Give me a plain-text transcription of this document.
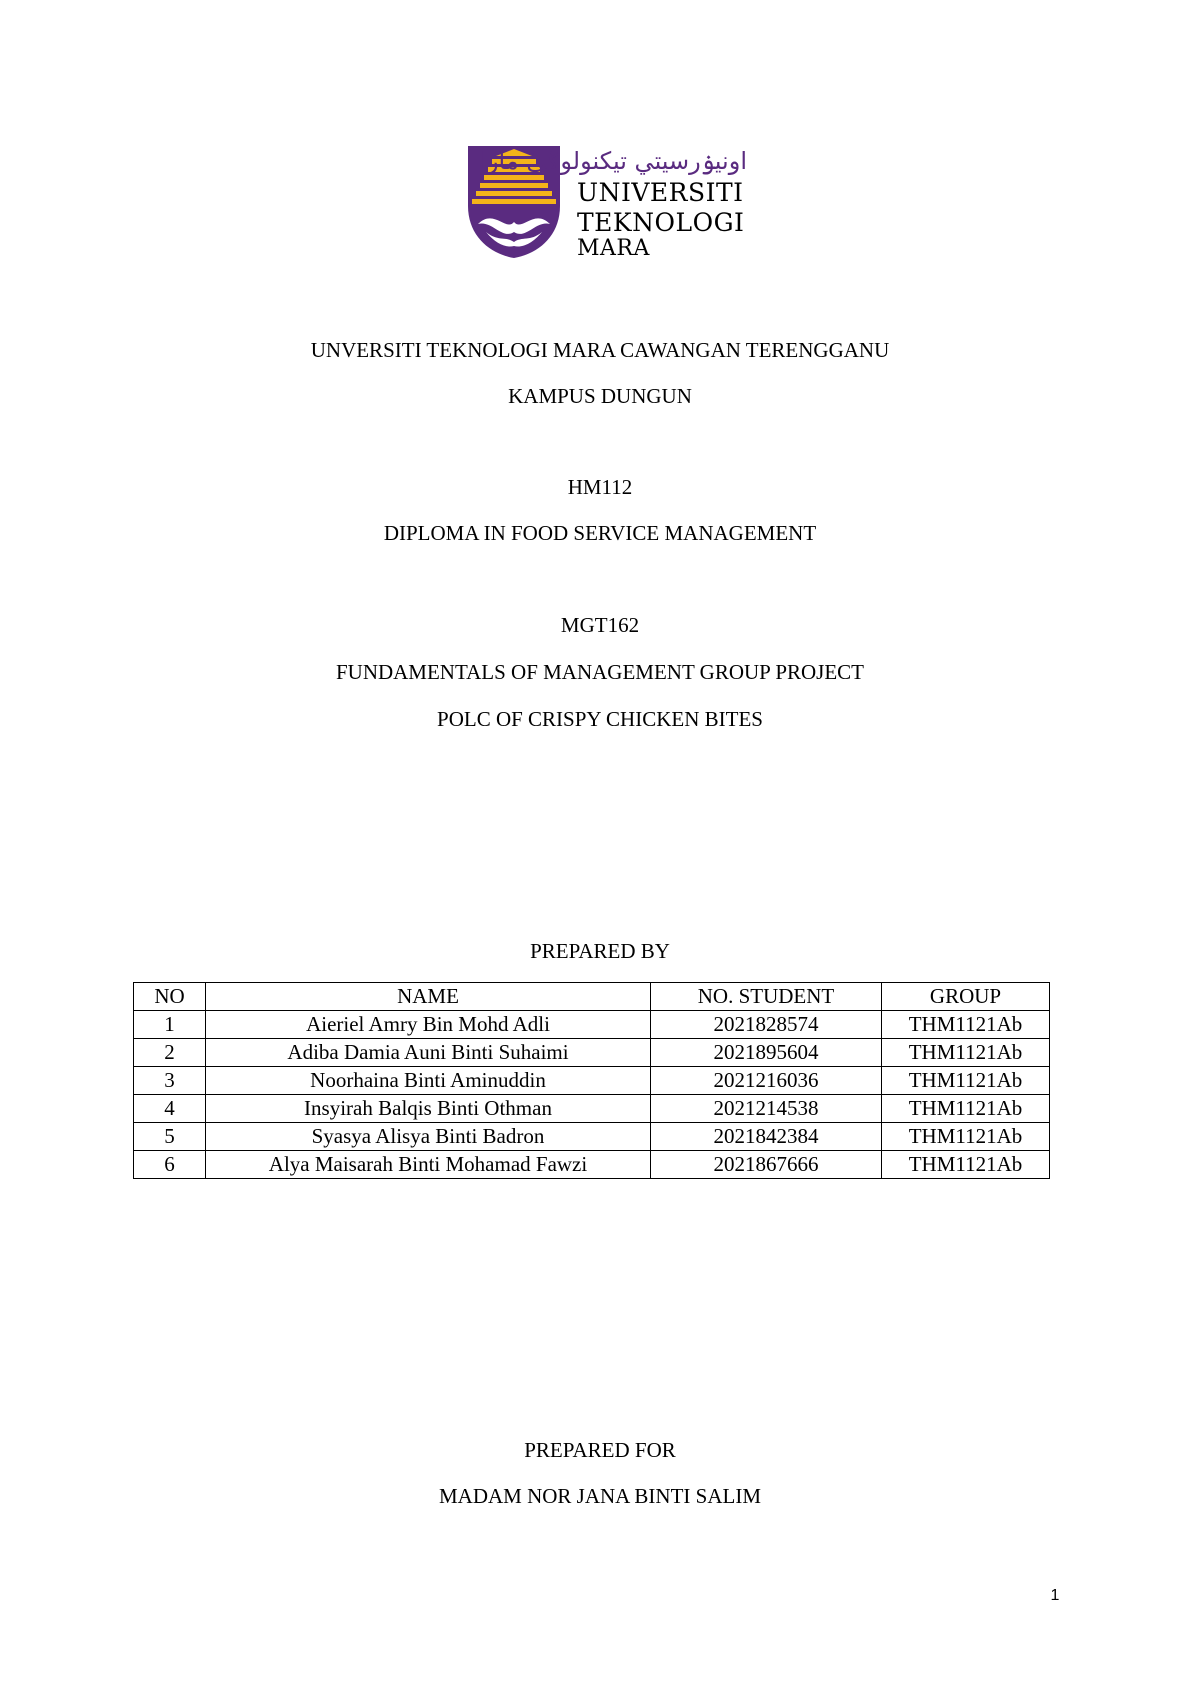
اونيۏرسيتي تيکنولوݢي مارا
UNIVERSITI
TEKNOLOGI
MARA
UNVERSITI TEKNOLOGI MARA CAWANGAN TERENGGANU
KAMPUS DUNGUN
HM112
DIPLOMA IN FOOD SERVICE MANAGEMENT
MGT162
FUNDAMENTALS OF MANAGEMENT GROUP PROJECT
POLC OF CRISPY CHICKEN BITES
PREPARED BY
NO	NAME	NO. STUDENT	GROUP
1	Aieriel Amry Bin Mohd Adli	2021828574	THM1121Ab
2	Adiba Damia Auni Binti Suhaimi	2021895604	THM1121Ab
3	Noorhaina Binti Aminuddin	2021216036	THM1121Ab
4	Insyirah Balqis Binti Othman	2021214538	THM1121Ab
5	Syasya Alisya Binti Badron	2021842384	THM1121Ab
6	Alya Maisarah Binti Mohamad Fawzi	2021867666	THM1121Ab
PREPARED FOR
MADAM NOR JANA BINTI SALIM
1
